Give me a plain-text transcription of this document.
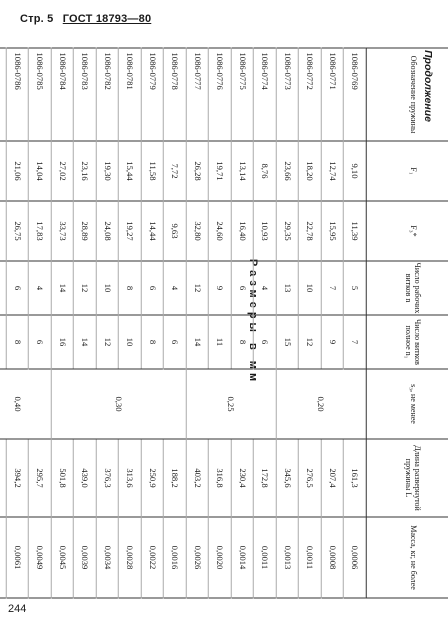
Стр. 5 ГОСТ 18793—80
Продолжение
Размеры в мм
Обозначение пружины	F₁	F₃*	Число рабочих витков n	Число витков полное n₁	s₃, не менее	Длина развернутой пружины L	Масса, кг, не более
1086-0769	9,10	11,39	5	7	0,20	161,3	0,0006
1086-0771	12,74	15,95	7	9		207,4	0,0008
1086-0772	18,20	22,78	10	12		276,5	0,0011
1086-0773	23,66	29,35	13	15		345,6	0,0013
1086-0774	8,76	10,93	4	6	0,25	172,8	0,0011
1086-0775	13,14	16,40	6	8		230,4	0,0014
1086-0776	19,71	24,60	9	11		316,8	0,0020
1086-0777	26,28	32,80	12	14		403,2	0,0026
1086-0778	7,72	9,63	4	6	0,30	188,2	0,0016
1086-0779	11,58	14,44	6	8		250,9	0,0022
1086-0781	15,44	19,27	8	10		313,6	0,0028
1086-0782	19,30	24,08	10	12		376,3	0,0034
1086-0783	23,16	28,89	12	14		439,0	0,0039
1086-0784	27,02	33,73	14	16		501,8	0,0045
1086-0785	14,04	17,83	4	6	0,40	295,7	0,0049
1086-0786	21,06	26,75	6	8		394,2	0,0061

244
